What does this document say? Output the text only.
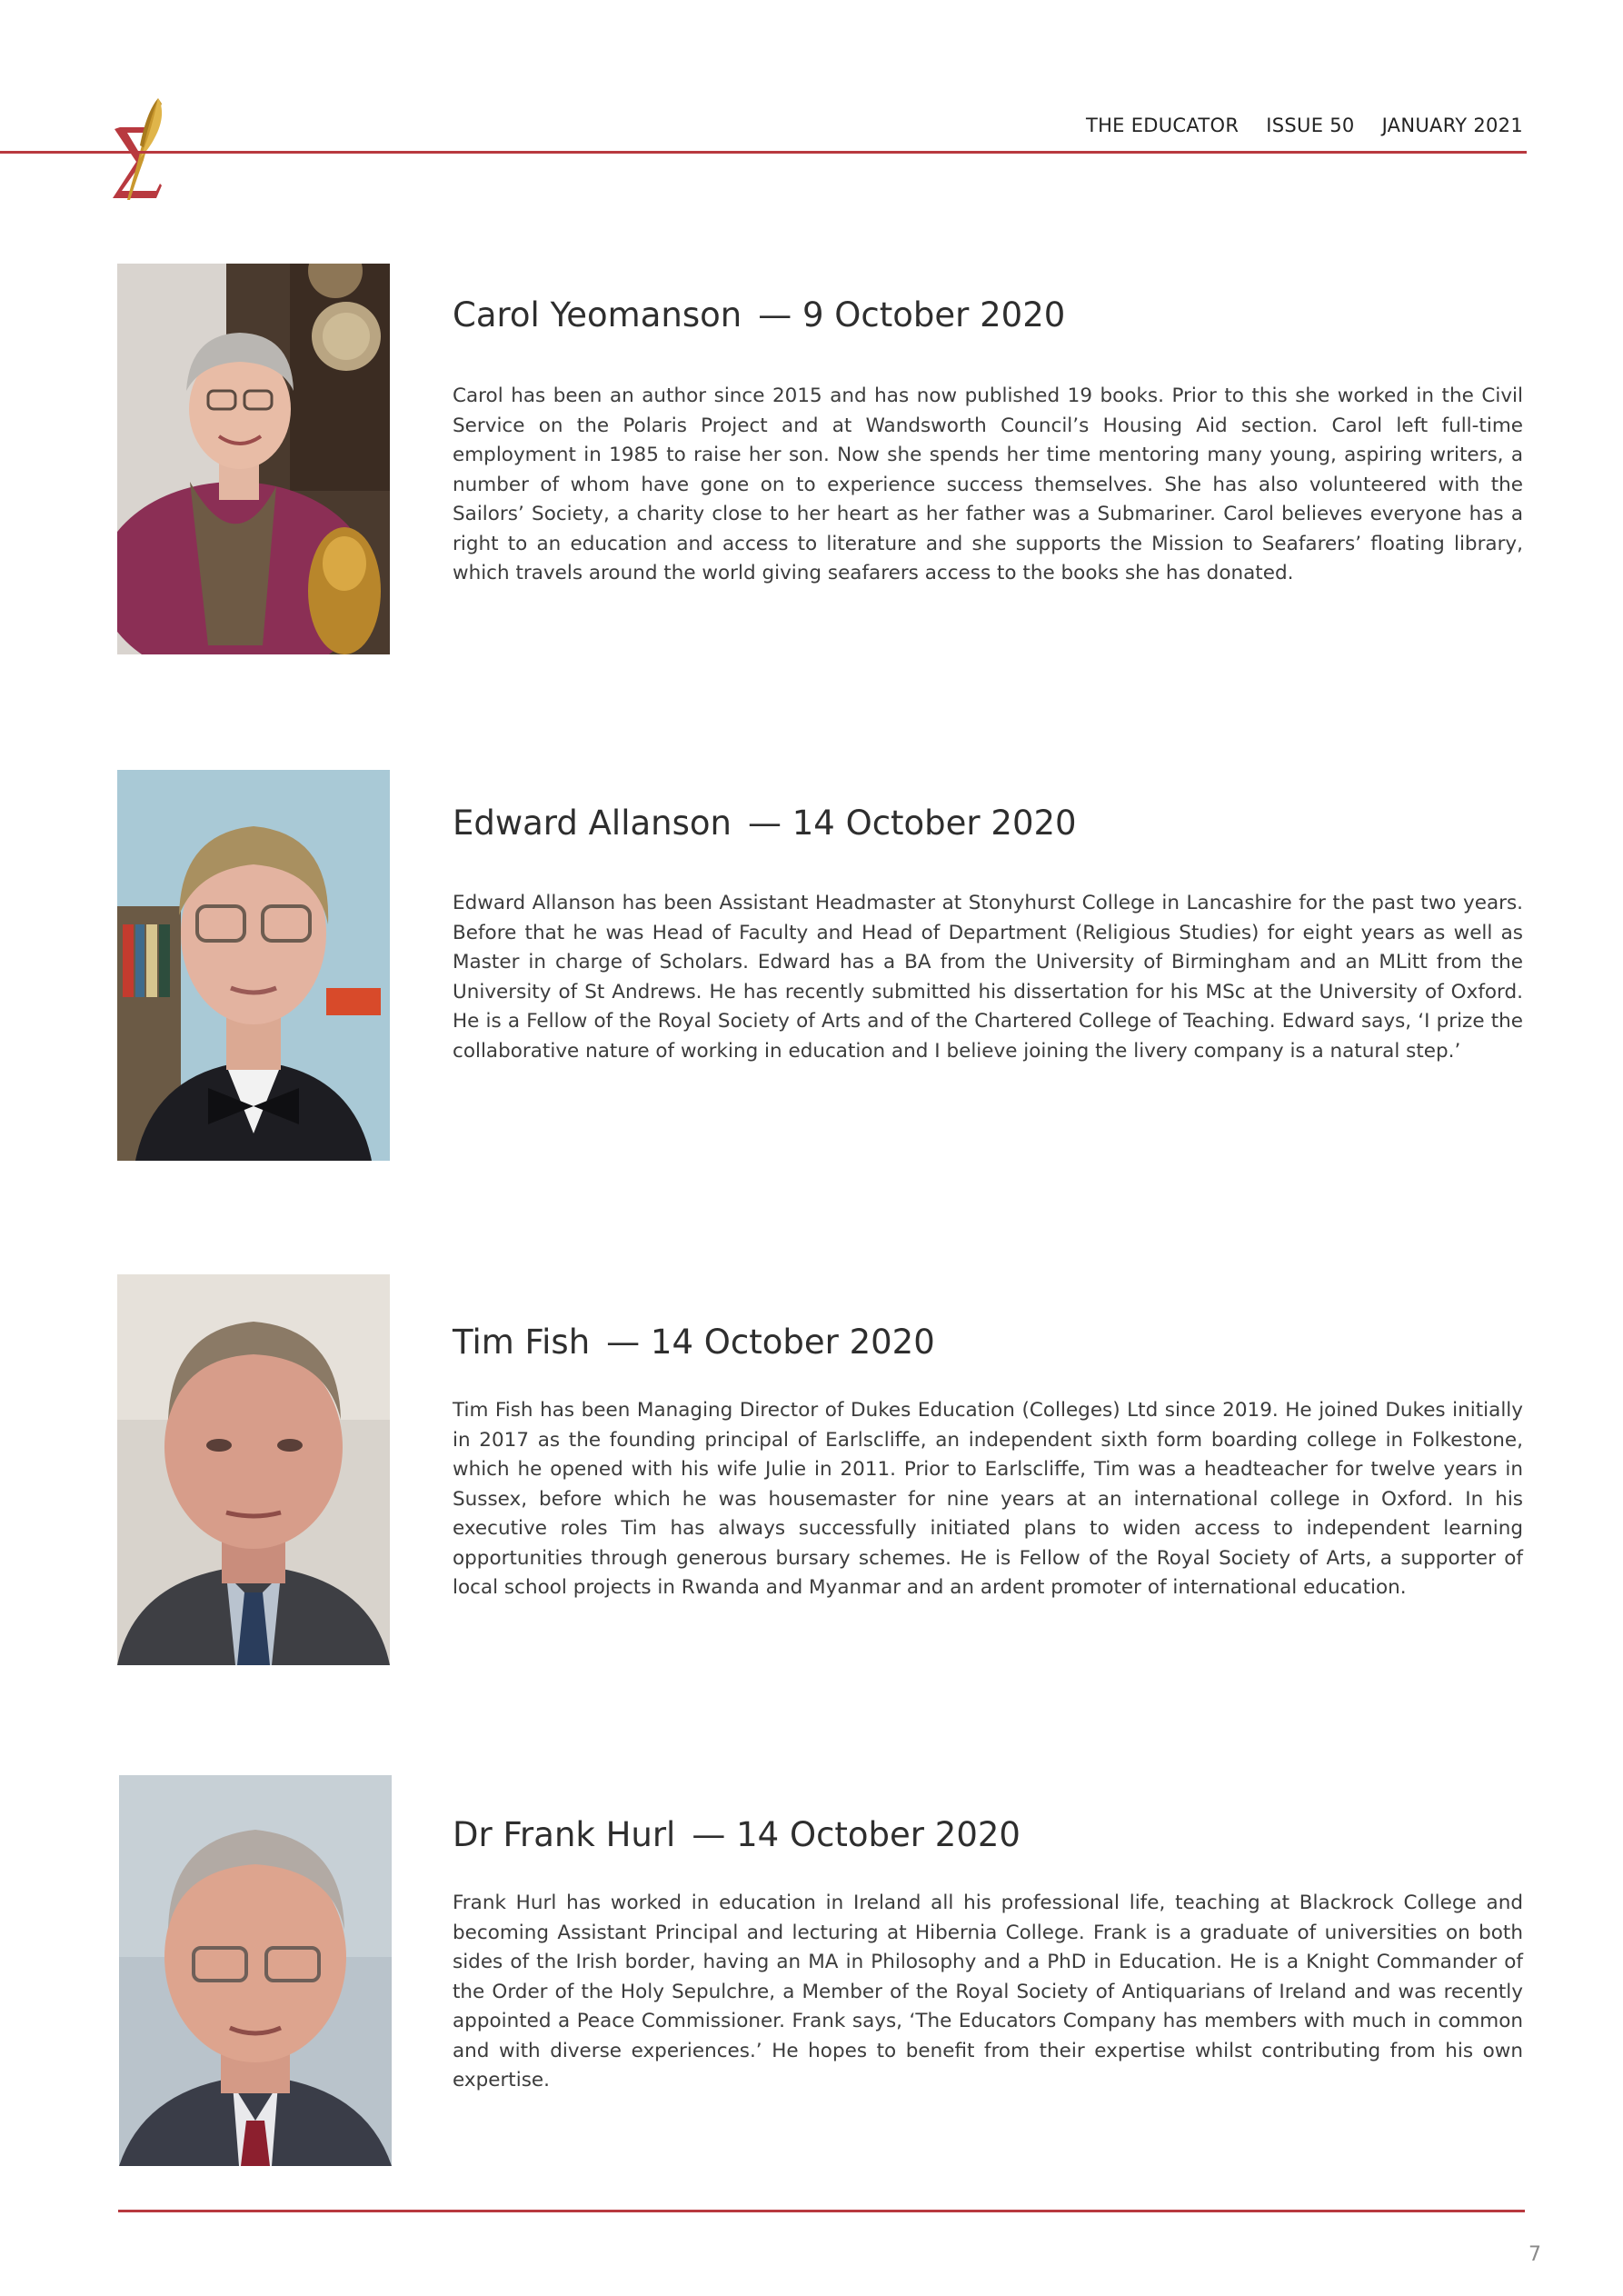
THE EDUCATOR ISSUE 50 JANUARY 2021
Carol Yeomanson — 9 October 2020

Carol has been an author since 2015 and has now published 19 books. Prior to this she worked in the Civil Service on the Polaris Project and at Wandsworth Council’s Housing Aid section. Carol left full-time employment in 1985 to raise her son. Now she spends her time mentoring many young, aspiring writers, a number of whom have gone on to experience success themselves. She has also volunteered with the Sailors’ Society, a charity close to her heart as her father was a Submariner. Carol believes everyone has a right to an education and access to literature and she supports the Mission to Seafarers’ floating library, which travels around the world giving seafarers access to the books she has donated.

Edward Allanson — 14 October 2020

Edward Allanson has been Assistant Headmaster at Stonyhurst College in Lancashire for the past two years. Before that he was Head of Faculty and Head of Department (Religious Studies) for eight years as well as Master in charge of Scholars. Edward has a BA from the University of Birmingham and an MLitt from the University of St Andrews. He has recently submitted his dissertation for his MSc at the University of Oxford. He is a Fellow of the Royal Society of Arts and of the Chartered College of Teaching. Edward says, ‘I prize the collaborative nature of working in education and I believe joining the livery company is a natural step.’

Tim Fish — 14 October 2020

Tim Fish has been Managing Director of Dukes Education (Colleges) Ltd since 2019. He joined Dukes initially in 2017 as the founding principal of Earlscliffe, an independent sixth form boarding college in Folkestone, which he opened with his wife Julie in 2011. Prior to Earlscliffe, Tim was a headteacher for twelve years in Sussex, before which he was housemaster for nine years at an international college in Oxford. In his executive roles Tim has always successfully initiated plans to widen access to independent learning opportunities through generous bursary schemes. He is Fellow of the Royal Society of Arts, a supporter of local school projects in Rwanda and Myanmar and an ardent promoter of international education.

Dr Frank Hurl — 14 October 2020

Frank Hurl has worked in education in Ireland all his professional life, teaching at Blackrock College and becoming Assistant Principal and lecturing at Hibernia College. Frank is a graduate of universities on both sides of the Irish border, having an MA in Philosophy and a PhD in Education. He is a Knight Commander of the Order of the Holy Sepulchre, a Member of the Royal Society of Antiquarians of Ireland and was recently appointed a Peace Commissioner. Frank says, ‘The Educators Company has members with much in common and with diverse experiences.’ He hopes to benefit from their expertise whilst contributing from his own expertise.

7
